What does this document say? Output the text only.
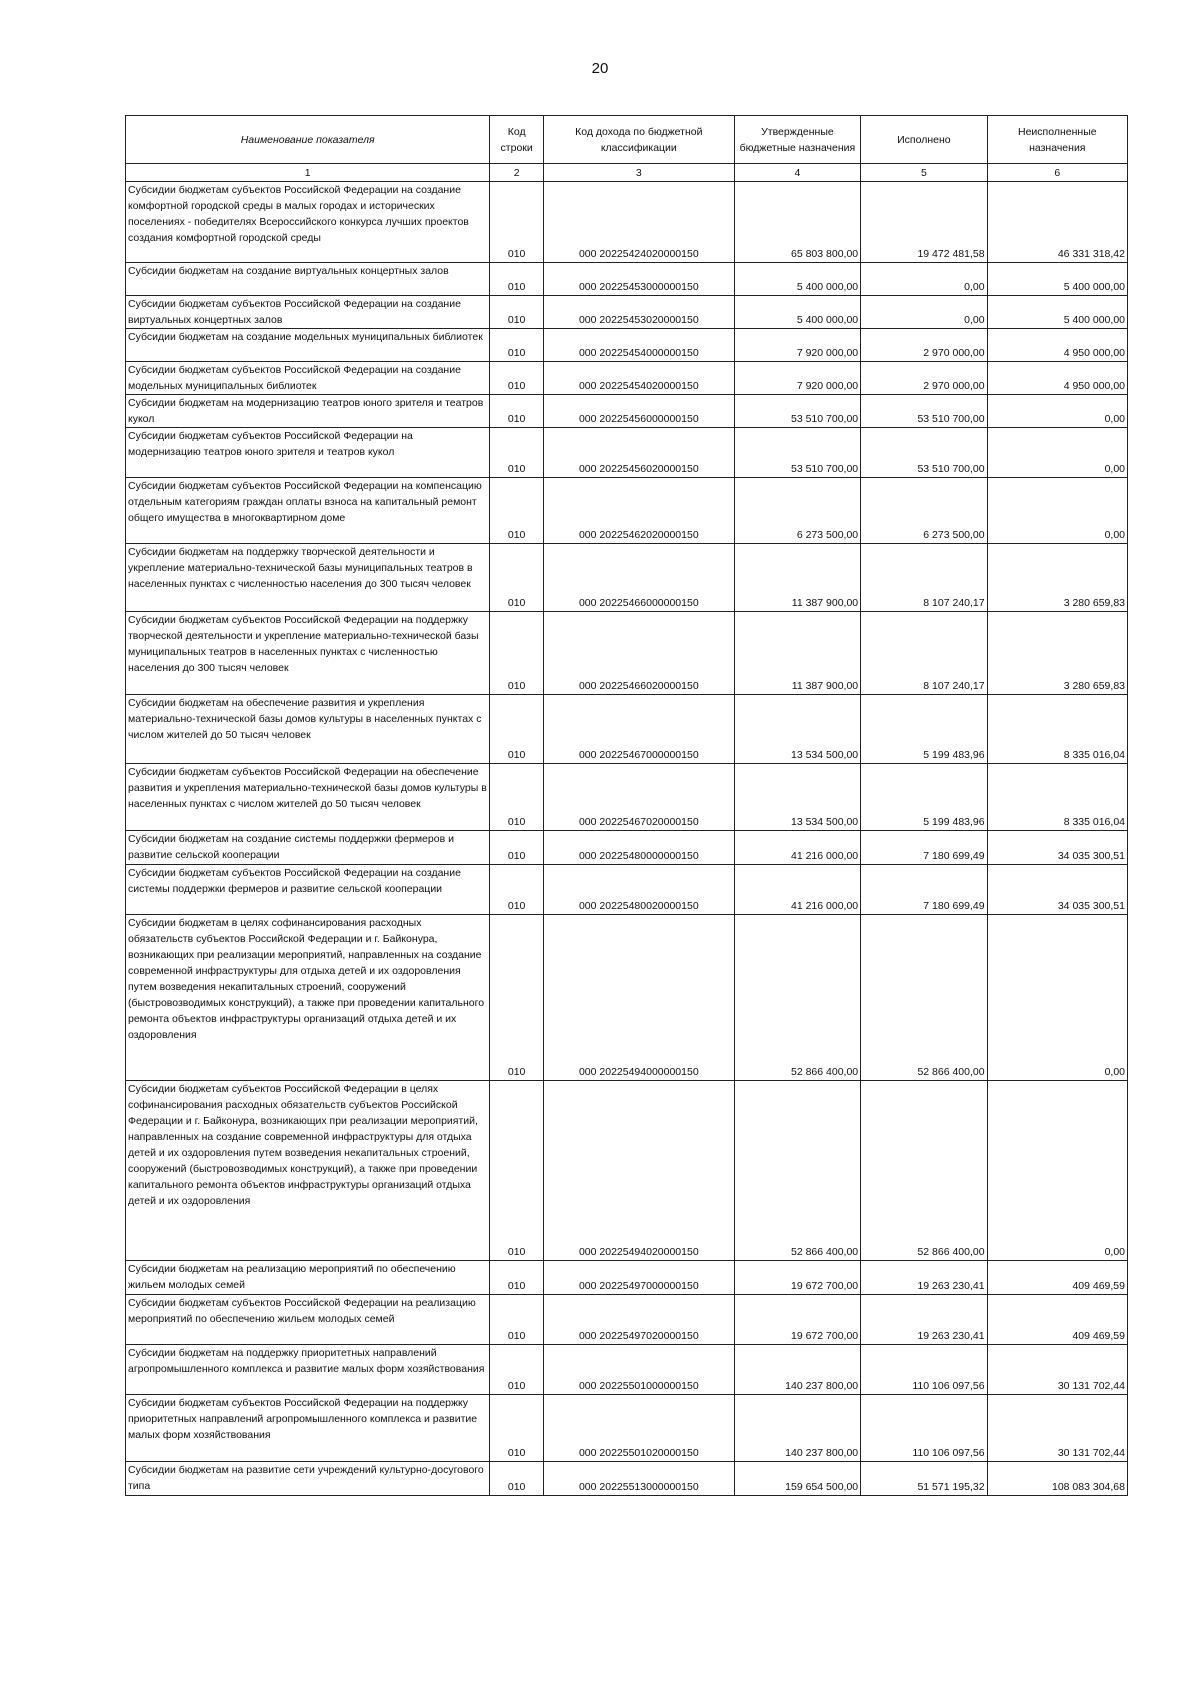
20
Наименование показателя	Код строки	Код дохода по бюджетной классификации	Утвержденные бюджетные назначения	Исполнено	Неисполненные назначения
1	2	3	4	5	6
Субсидии бюджетам субъектов Российской Федерации на создание комфортной городской среды в малых городах и исторических поселениях - победителях Всероссийского конкурса лучших проектов создания комфортной городской среды	010	000 20225424020000150	65 803 800,00	19 472 481,58	46 331 318,42
Субсидии бюджетам на создание виртуальных концертных залов	010	000 20225453000000150	5 400 000,00	0,00	5 400 000,00
Субсидии бюджетам субъектов Российской Федерации на создание виртуальных концертных залов	010	000 20225453020000150	5 400 000,00	0,00	5 400 000,00
Субсидии бюджетам на создание модельных муниципальных библиотек	010	000 20225454000000150	7 920 000,00	2 970 000,00	4 950 000,00
Субсидии бюджетам субъектов Российской Федерации на создание модельных муниципальных библиотек	010	000 20225454020000150	7 920 000,00	2 970 000,00	4 950 000,00
Субсидии бюджетам на модернизацию театров юного зрителя и театров кукол	010	000 20225456000000150	53 510 700,00	53 510 700,00	0,00
Субсидии бюджетам субъектов Российской Федерации на модернизацию театров юного зрителя и театров кукол	010	000 20225456020000150	53 510 700,00	53 510 700,00	0,00
Субсидии бюджетам субъектов Российской Федерации на компенсацию отдельным категориям граждан оплаты взноса на капитальный ремонт общего имущества в многоквартирном доме	010	000 20225462020000150	6 273 500,00	6 273 500,00	0,00
Субсидии бюджетам на поддержку творческой деятельности и укрепление материально-технической базы муниципальных театров в населенных пунктах с численностью населения до 300 тысяч человек	010	000 20225466000000150	11 387 900,00	8 107 240,17	3 280 659,83
Субсидии бюджетам субъектов Российской Федерации на поддержку творческой деятельности и укрепление материально-технической базы муниципальных театров в населенных пунктах с численностью населения до 300 тысяч человек	010	000 20225466020000150	11 387 900,00	8 107 240,17	3 280 659,83
Субсидии бюджетам на обеспечение развития и укрепления материально-технической базы домов культуры в населенных пунктах с числом жителей до 50 тысяч человек	010	000 20225467000000150	13 534 500,00	5 199 483,96	8 335 016,04
Субсидии бюджетам субъектов Российской Федерации на обеспечение развития и укрепления материально-технической базы домов культуры в населенных пунктах с числом жителей до 50 тысяч человек	010	000 20225467020000150	13 534 500,00	5 199 483,96	8 335 016,04
Субсидии бюджетам на создание системы поддержки фермеров и развитие сельской кооперации	010	000 20225480000000150	41 216 000,00	7 180 699,49	34 035 300,51
Субсидии бюджетам субъектов Российской Федерации на создание системы поддержки фермеров и развитие сельской кооперации	010	000 20225480020000150	41 216 000,00	7 180 699,49	34 035 300,51
Субсидии бюджетам в целях софинансирования расходных обязательств субъектов Российской Федерации и г. Байконура, возникающих при реализации мероприятий, направленных на создание современной инфраструктуры для отдыха детей и их оздоровления путем возведения некапитальных строений, сооружений (быстровозводимых конструкций), а также при проведении капитального ремонта объектов инфраструктуры организаций отдыха детей и их оздоровления	010	000 20225494000000150	52 866 400,00	52 866 400,00	0,00
Субсидии бюджетам субъектов Российской Федерации в целях софинансирования расходных обязательств субъектов Российской Федерации и г. Байконура, возникающих при реализации мероприятий, направленных на создание современной инфраструктуры для отдыха детей и их оздоровления путем возведения некапитальных строений, сооружений (быстровозводимых конструкций), а также при проведении капитального ремонта объектов инфраструктуры организаций отдыха детей и их оздоровления	010	000 20225494020000150	52 866 400,00	52 866 400,00	0,00
Субсидии бюджетам на реализацию мероприятий по обеспечению жильем молодых семей	010	000 20225497000000150	19 672 700,00	19 263 230,41	409 469,59
Субсидии бюджетам субъектов Российской Федерации на реализацию мероприятий по обеспечению жильем молодых семей	010	000 20225497020000150	19 672 700,00	19 263 230,41	409 469,59
Субсидии бюджетам на поддержку приоритетных направлений агропромышленного комплекса и развитие малых форм хозяйствования	010	000 20225501000000150	140 237 800,00	110 106 097,56	30 131 702,44
Субсидии бюджетам субъектов Российской Федерации на поддержку приоритетных направлений агропромышленного комплекса и развитие малых форм хозяйствования	010	000 20225501020000150	140 237 800,00	110 106 097,56	30 131 702,44
Субсидии бюджетам на развитие сети учреждений культурно-досугового типа	010	000 20225513000000150	159 654 500,00	51 571 195,32	108 083 304,68
